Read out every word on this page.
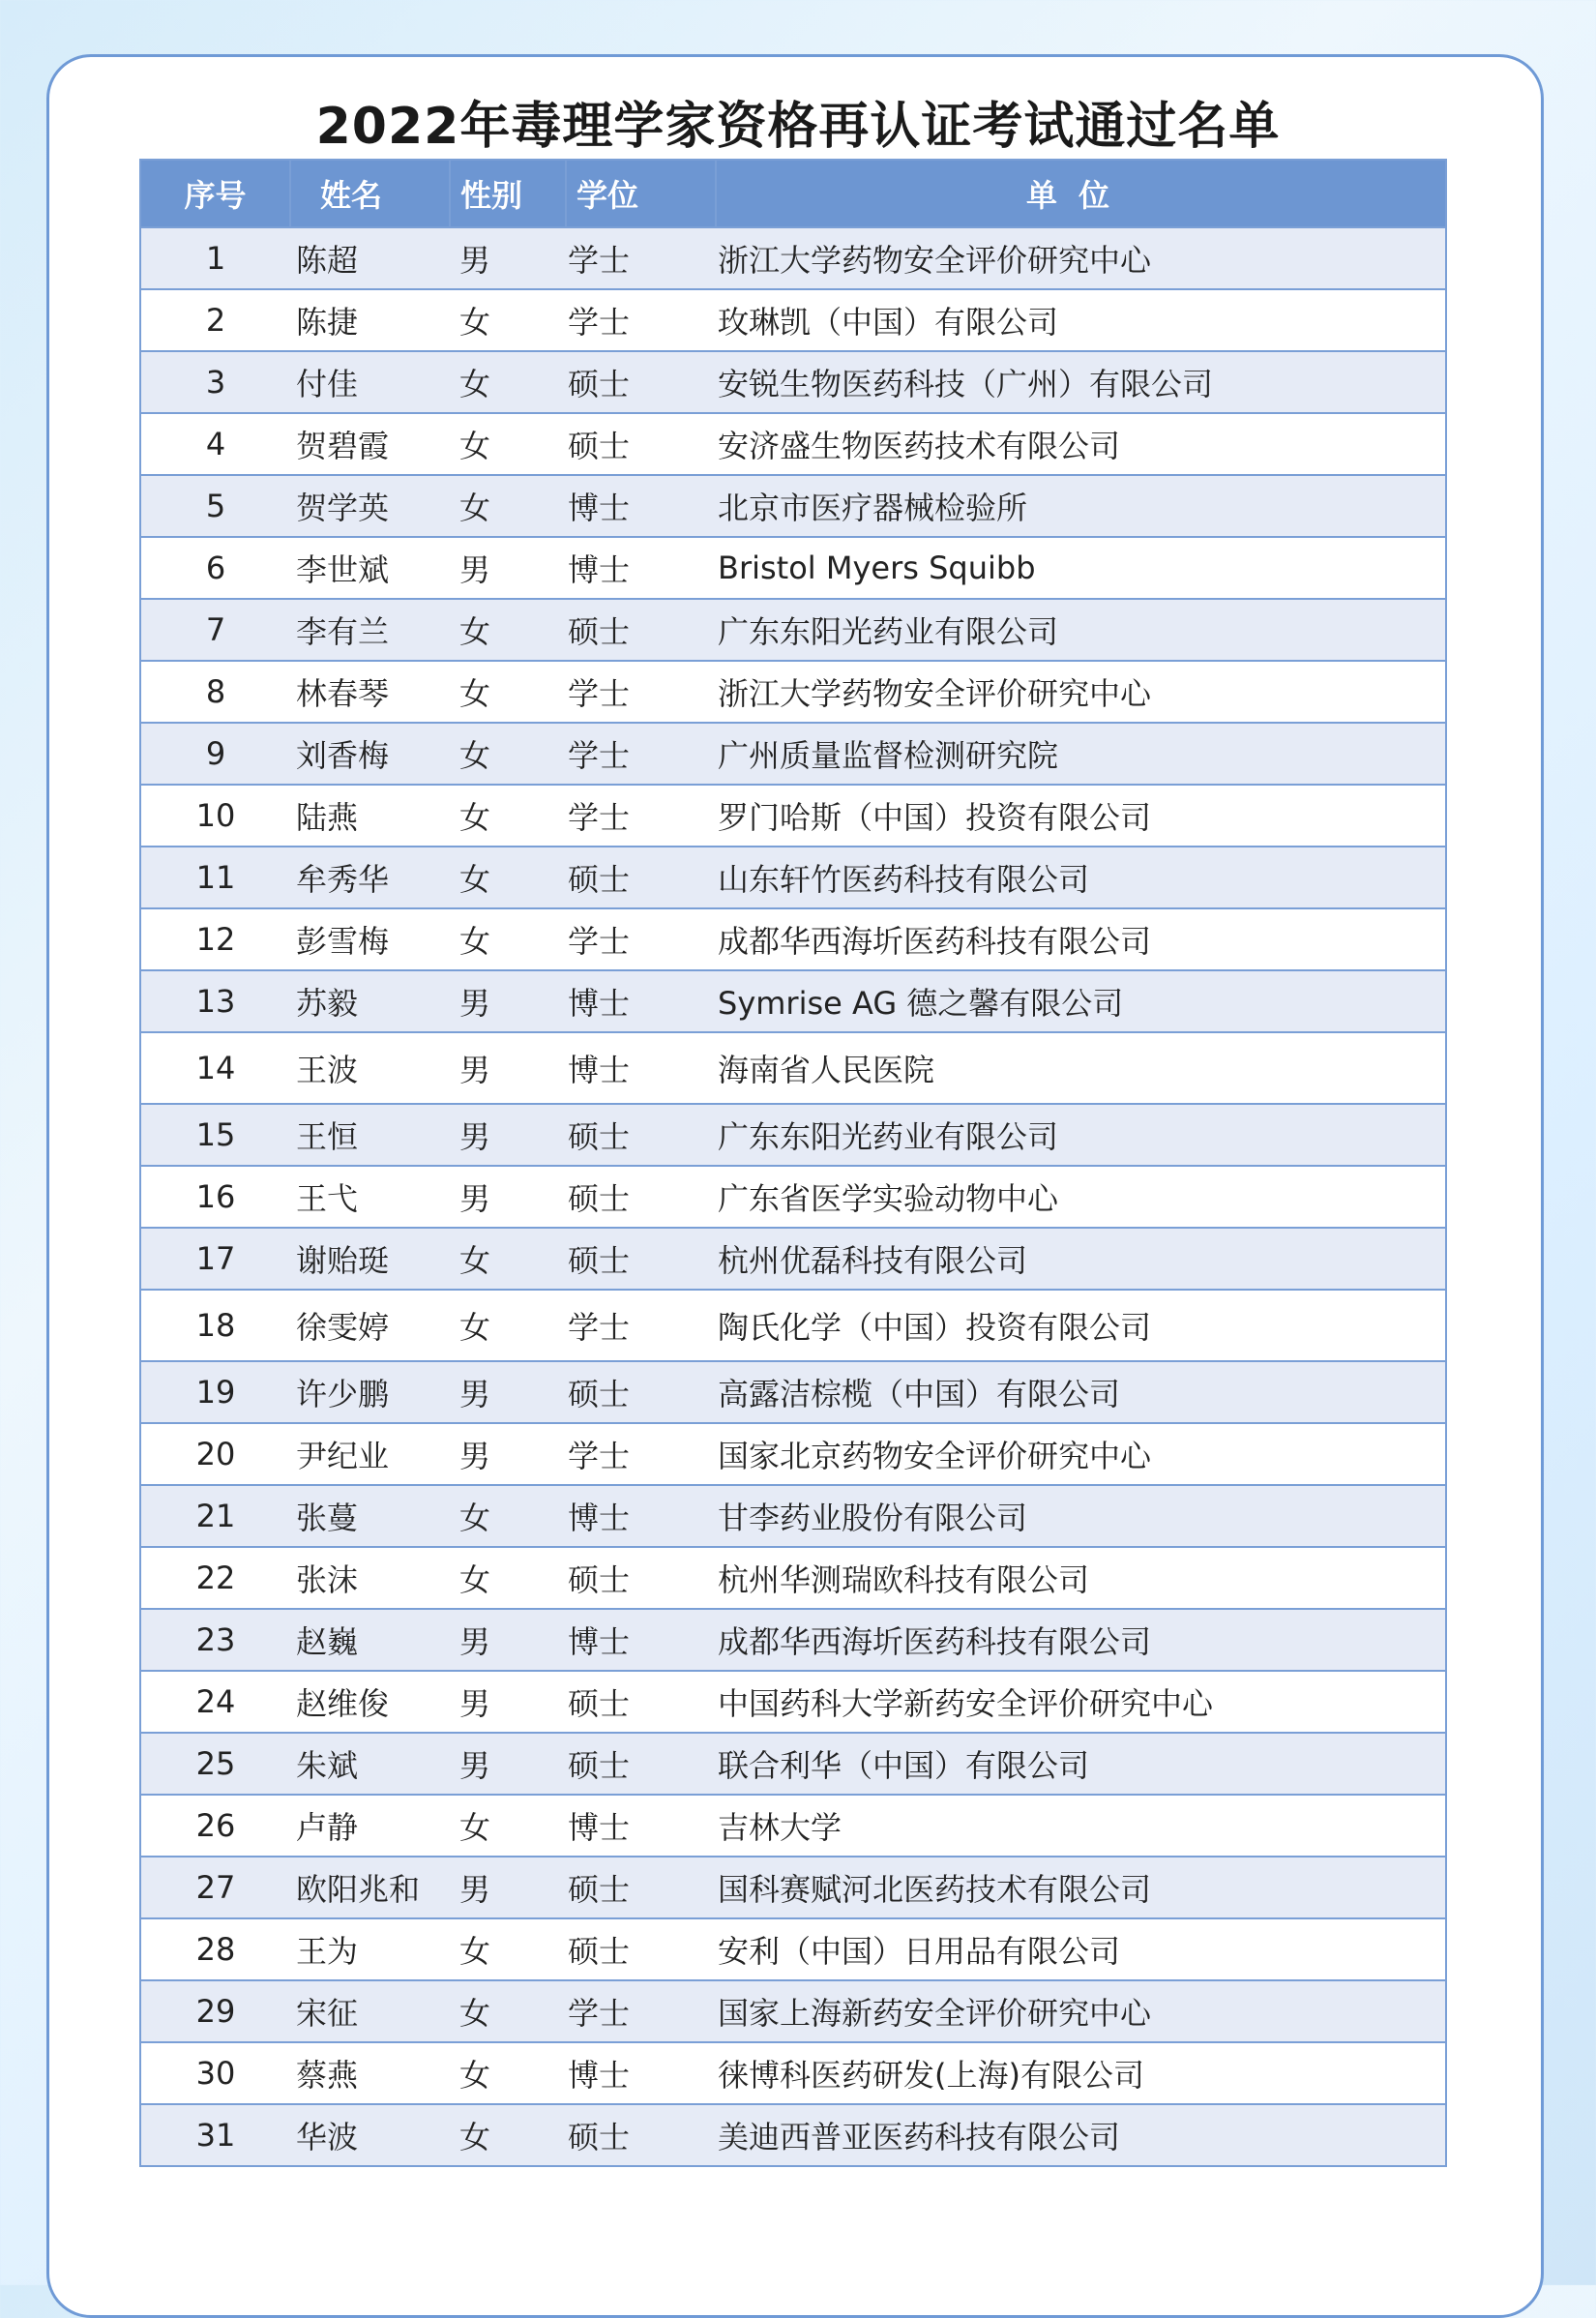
2022年毒理学家资格再认证考试通过名单
序号	姓名	性别	学位	单位
1	陈超	男	学士	浙江大学药物安全评价研究中心
2	陈捷	女	学士	玫琳凯（中国）有限公司
3	付佳	女	硕士	安锐生物医药科技（广州）有限公司
4	贺碧霞	女	硕士	安济盛生物医药技术有限公司
5	贺学英	女	博士	北京市医疗器械检验所
6	李世斌	男	博士	Bristol Myers Squibb
7	李有兰	女	硕士	广东东阳光药业有限公司
8	林春琴	女	学士	浙江大学药物安全评价研究中心
9	刘香梅	女	学士	广州质量监督检测研究院
10	陆燕	女	学士	罗门哈斯（中国）投资有限公司
11	牟秀华	女	硕士	山东轩竹医药科技有限公司
12	彭雪梅	女	学士	成都华西海圻医药科技有限公司
13	苏毅	男	博士	Symrise AG 德之馨有限公司
14	王波	男	博士	海南省人民医院
15	王恒	男	硕士	广东东阳光药业有限公司
16	王弋	男	硕士	广东省医学实验动物中心
17	谢贻珽	女	硕士	杭州优磊科技有限公司
18	徐雯婷	女	学士	陶氏化学（中国）投资有限公司
19	许少鹏	男	硕士	高露洁棕榄（中国）有限公司
20	尹纪业	男	学士	国家北京药物安全评价研究中心
21	张蔓	女	博士	甘李药业股份有限公司
22	张沫	女	硕士	杭州华测瑞欧科技有限公司
23	赵巍	男	博士	成都华西海圻医药科技有限公司
24	赵维俊	男	硕士	中国药科大学新药安全评价研究中心
25	朱斌	男	硕士	联合利华（中国）有限公司
26	卢静	女	博士	吉林大学
27	欧阳兆和	男	硕士	国科赛赋河北医药技术有限公司
28	王为	女	硕士	安利（中国）日用品有限公司
29	宋征	女	学士	国家上海新药安全评价研究中心
30	蔡燕	女	博士	徕博科医药研发(上海)有限公司
31	华波	女	硕士	美迪西普亚医药科技有限公司
